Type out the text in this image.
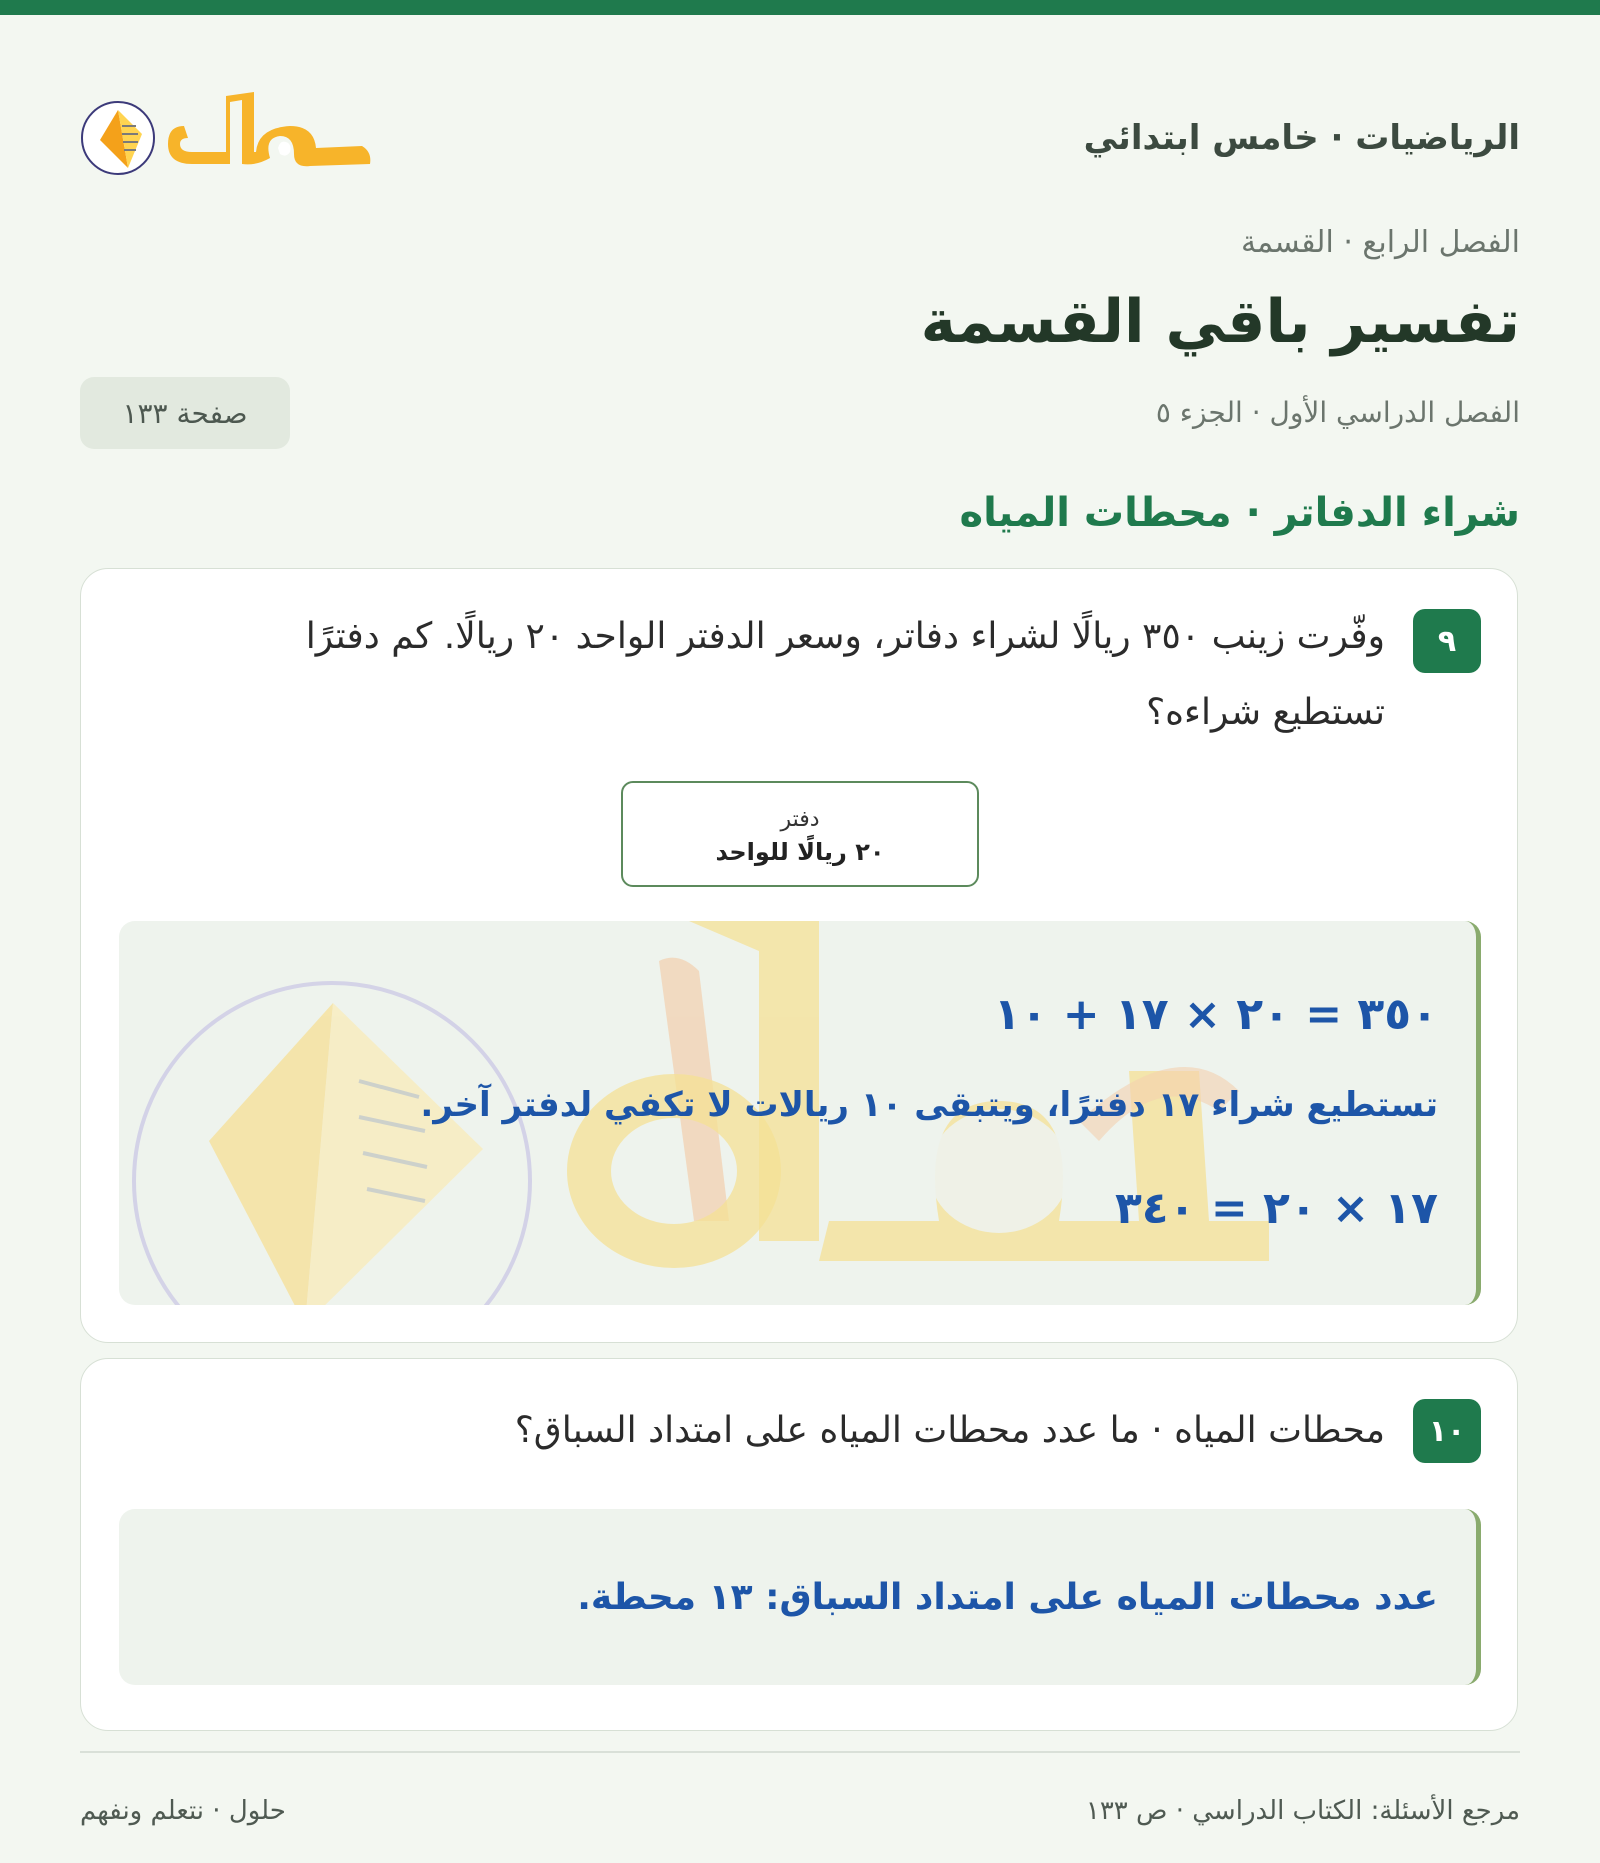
الرياضيات · خامس ابتدائي
الفصل الرابع · القسمة
تفسير باقي القسمة
الفصل الدراسي الأول · الجزء ٥
صفحة ١٣٣
شراء الدفاتر · محطات المياه
٩
وفّرت زينب ٣٥٠ ريالًا لشراء دفاتر، وسعر الدفتر الواحد ٢٠ ريالًا. كم دفترًا تستطيع شراءه؟
دفتر
٢٠ ريالًا للواحد
٣٥٠ = ٢٠ × ١٧ + ١٠
تستطيع شراء ١٧ دفترًا، ويتبقى ١٠ ريالات لا تكفي لدفتر آخر.
١٧ × ٢٠ = ٣٤٠
١٠
محطات المياه · ما عدد محطات المياه على امتداد السباق؟
عدد محطات المياه على امتداد السباق: ١٣ محطة.
مرجع الأسئلة: الكتاب الدراسي · ص ١٣٣
حلول · نتعلم ونفهم
